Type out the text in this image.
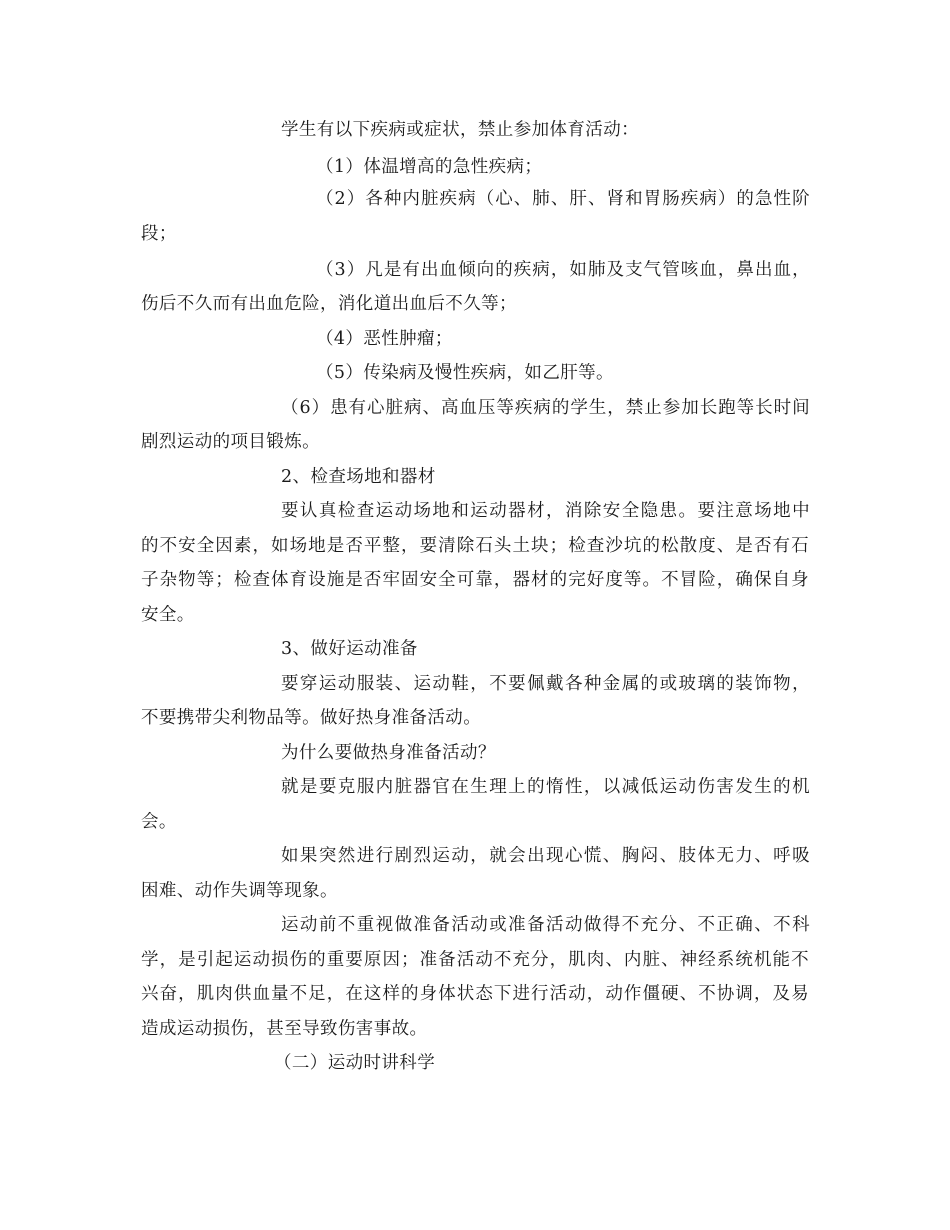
学生有以下疾病或症状，禁止参加体育活动：
（1）体温增高的急性疾病；
（2）各种内脏疾病（心、肺、肝、肾和胃肠疾病）的急性阶
段；
（3）凡是有出血倾向的疾病，如肺及支气管咳血，鼻出血，
伤后不久而有出血危险，消化道出血后不久等；
（4）恶性肿瘤；
（5）传染病及慢性疾病，如乙肝等。
（6）患有心脏病、高血压等疾病的学生，禁止参加长跑等长时间
剧烈运动的项目锻炼。
2、检查场地和器材
要认真检查运动场地和运动器材，消除安全隐患。要注意场地中
的不安全因素，如场地是否平整，要清除石头土块；检查沙坑的松散度、是否有石
子杂物等；检查体育设施是否牢固安全可靠，器材的完好度等。不冒险，确保自身
安全。
3、做好运动准备
要穿运动服装、运动鞋，不要佩戴各种金属的或玻璃的装饰物，
不要携带尖利物品等。做好热身准备活动。
为什么要做热身准备活动？
就是要克服内脏器官在生理上的惰性，以减低运动伤害发生的机
会。
如果突然进行剧烈运动，就会出现心慌、胸闷、肢体无力、呼吸
困难、动作失调等现象。
运动前不重视做准备活动或准备活动做得不充分、不正确、不科
学，是引起运动损伤的重要原因；准备活动不充分，肌肉、内脏、神经系统机能不
兴奋，肌肉供血量不足，在这样的身体状态下进行活动，动作僵硬、不协调，及易
造成运动损伤，甚至导致伤害事故。
（二）运动时讲科学
